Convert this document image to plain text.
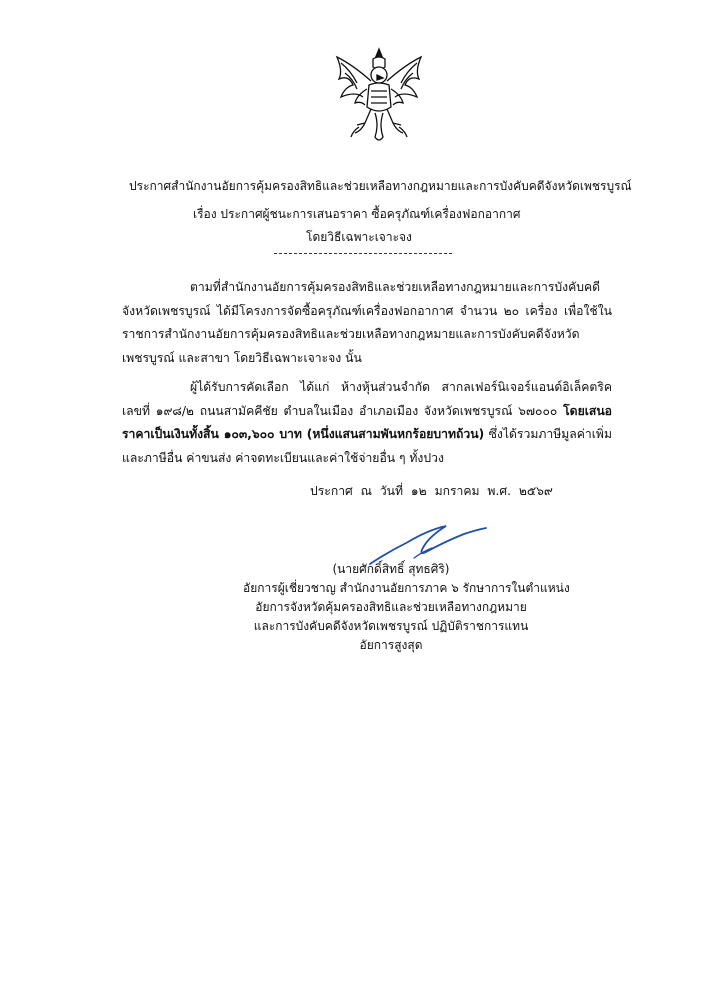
ประกาศสำนักงานอัยการคุ้มครองสิทธิและช่วยเหลือทางกฎหมายและการบังคับคดีจังหวัดเพชรบูรณ์
เรื่อง ประกาศผู้ชนะการเสนอราคา ซื้อครุภัณฑ์เครื่องฟอกอากาศ
โดยวิธีเฉพาะเจาะจง

ตามที่สำนักงานอัยการคุ้มครองสิทธิและช่วยเหลือทางกฎหมายและการบังคับคดีจังหวัดเพชรบูรณ์ ได้มีโครงการจัดซื้อครุภัณฑ์เครื่องฟอกอากาศ จำนวน ๒๐ เครื่อง เพื่อใช้ในราชการสำนักงานอัยการคุ้มครองสิทธิและช่วยเหลือทางกฎหมายและการบังคับคดีจังหวัดเพชรบูรณ์ และสาขา โดยวิธีเฉพาะเจาะจง นั้น

ผู้ได้รับการคัดเลือก ได้แก่ ห้างหุ้นส่วนจำกัด สากลเฟอร์นิเจอร์แอนด์อิเล็คตริค เลขที่ ๑๙๘/๒ ถนนสามัคคีชัย ตำบลในเมือง อำเภอเมือง จังหวัดเพชรบูรณ์ ๖๗๐๐๐ โดยเสนอราคาเป็นเงินทั้งสิ้น ๑๐๓,๖๐๐ บาท (หนึ่งแสนสามพันหกร้อยบาทถ้วน) ซึ่งได้รวมภาษีมูลค่าเพิ่มและภาษีอื่น ค่าขนส่ง ค่าจดทะเบียนและค่าใช้จ่ายอื่น ๆ ทั้งปวง

ประกาศ ณ วันที่ ๑๒ มกราคม พ.ศ. ๒๕๖๙
(นายศักดิ์สิทธิ์ สุทธศิริ)
อัยการผู้เชี่ยวชาญ สำนักงานอัยการภาค ๖ รักษาการในตำแหน่ง
อัยการจังหวัดคุ้มครองสิทธิและช่วยเหลือทางกฎหมาย
และการบังคับคดีจังหวัดเพชรบูรณ์ ปฏิบัติราชการแทน
อัยการสูงสุด
